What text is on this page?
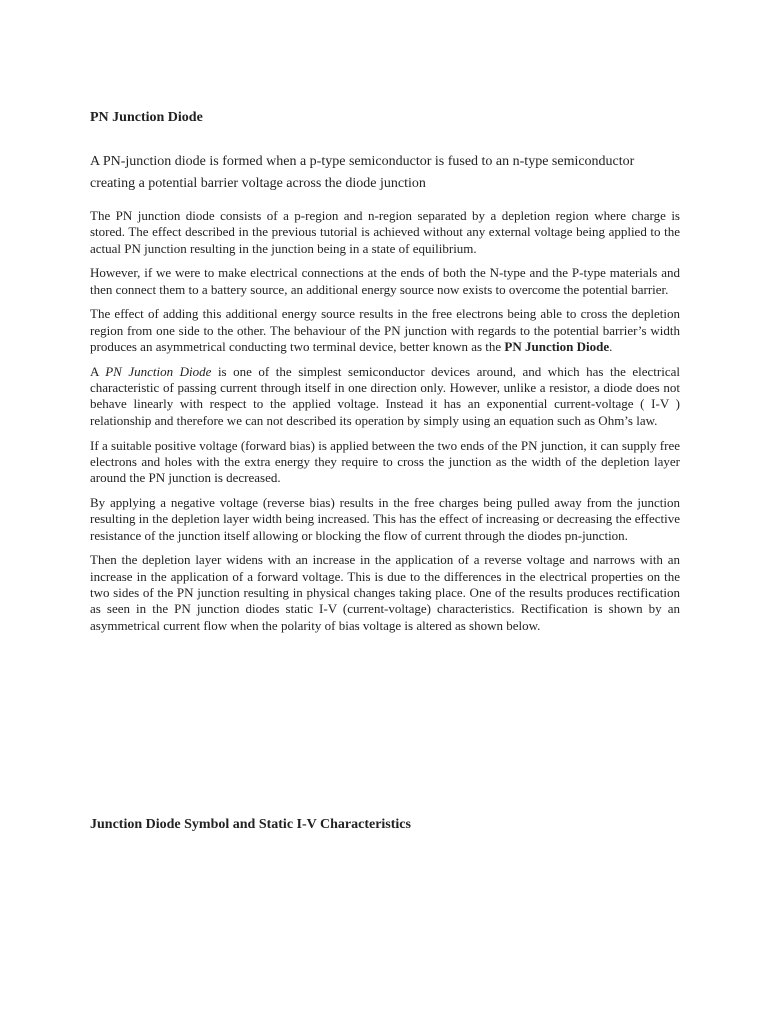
PN Junction Diode

A PN-junction diode is formed when a p-type semiconductor is fused to an n-type semiconductor creating a potential barrier voltage across the diode junction

The PN junction diode consists of a p-region and n-region separated by a depletion region where charge is stored. The effect described in the previous tutorial is achieved without any external voltage being applied to the actual PN junction resulting in the junction being in a state of equilibrium.

However, if we were to make electrical connections at the ends of both the N-type and the P-type materials and then connect them to a battery source, an additional energy source now exists to overcome the potential barrier.

The effect of adding this additional energy source results in the free electrons being able to cross the depletion region from one side to the other. The behaviour of the PN junction with regards to the potential barrier’s width produces an asymmetrical conducting two terminal device, better known as the PN Junction Diode.

A PN Junction Diode is one of the simplest semiconductor devices around, and which has the electrical characteristic of passing current through itself in one direction only. However, unlike a resistor, a diode does not behave linearly with respect to the applied voltage. Instead it has an exponential current-voltage ( I-V ) relationship and therefore we can not described its operation by simply using an equation such as Ohm’s law.

If a suitable positive voltage (forward bias) is applied between the two ends of the PN junction, it can supply free electrons and holes with the extra energy they require to cross the junction as the width of the depletion layer around the PN junction is decreased.

By applying a negative voltage (reverse bias) results in the free charges being pulled away from the junction resulting in the depletion layer width being increased. This has the effect of increasing or decreasing the effective resistance of the junction itself allowing or blocking the flow of current through the diodes pn-junction.

Then the depletion layer widens with an increase in the application of a reverse voltage and narrows with an increase in the application of a forward voltage. This is due to the differences in the electrical properties on the two sides of the PN junction resulting in physical changes taking place. One of the results produces rectification as seen in the PN junction diodes static I-V (current-voltage) characteristics. Rectification is shown by an asymmetrical current flow when the polarity of bias voltage is altered as shown below.

Junction Diode Symbol and Static I-V Characteristics
